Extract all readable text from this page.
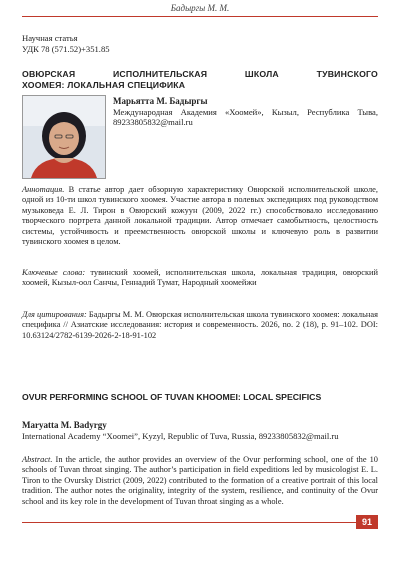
Бадыргы М. М.
Научная статья
УДК 78 (571.52)+351.85
ОВЮРСКАЯ ИСПОЛНИТЕЛЬСКАЯ ШКОЛА ТУВИНСКОГО
ХООМЕЯ: ЛОКАЛЬНАЯ СПЕЦИФИКА
Марьятта М. Бадыргы
Международная Академия «Хоомей», Кызыл, Республика Тыва, 89233805832@mail.ru
Аннотация. В статье автор дает обзорную характеристику Овюрской исполнительской школе, одной из 10-ти школ тувинского хоомея. Участие автора в полевых экспедициях под руководством музыковеда Е. Л. Тирон в Овюрский кожуун (2009, 2022 гг.) способствовало исследованию творческого портрета данной локальной традиции. Автор отмечает самобытность, целостность системы, устойчивость и преемственность овюрской школы и ключевую роль в развитии тувинского хоомея в целом.
Ключевые слова: тувинский хоомей, исполнительская школа, локальная традиция, овюрский хоомей, Кызыл-оол Санчы, Геннадий Тумат, Народный хоомейжи
Для цитирования: Бадыргы М. М. Овюрская исполнительская школа тувинского хоомея: локальная специфика // Азиатские исследования: история и современность. 2026, no. 2 (18), p. 91–102. DOI: 10.63124/2782-6139-2026-2-18-91-102
OVUR PERFORMING SCHOOL OF TUVAN KHOOMEI: LOCAL SPECIFICS
Maryatta M. Badyrgy
International Academy “Xoomei”, Kyzyl, Republic of Tuva, Russia, 89233805832@mail.ru
Abstract. In the article, the author provides an overview of the Ovur performing school, one of the 10 schools of Tuvan throat singing. The author’s participation in field expeditions led by musicologist E. L. Tiron to the Ovursky District (2009, 2022) contributed to the formation of a creative portrait of this local tradition. The author notes the originality, integrity of the system, resilience, and continuity of the Ovur school and its key role in the development of Tuvan throat singing as a whole.
91
